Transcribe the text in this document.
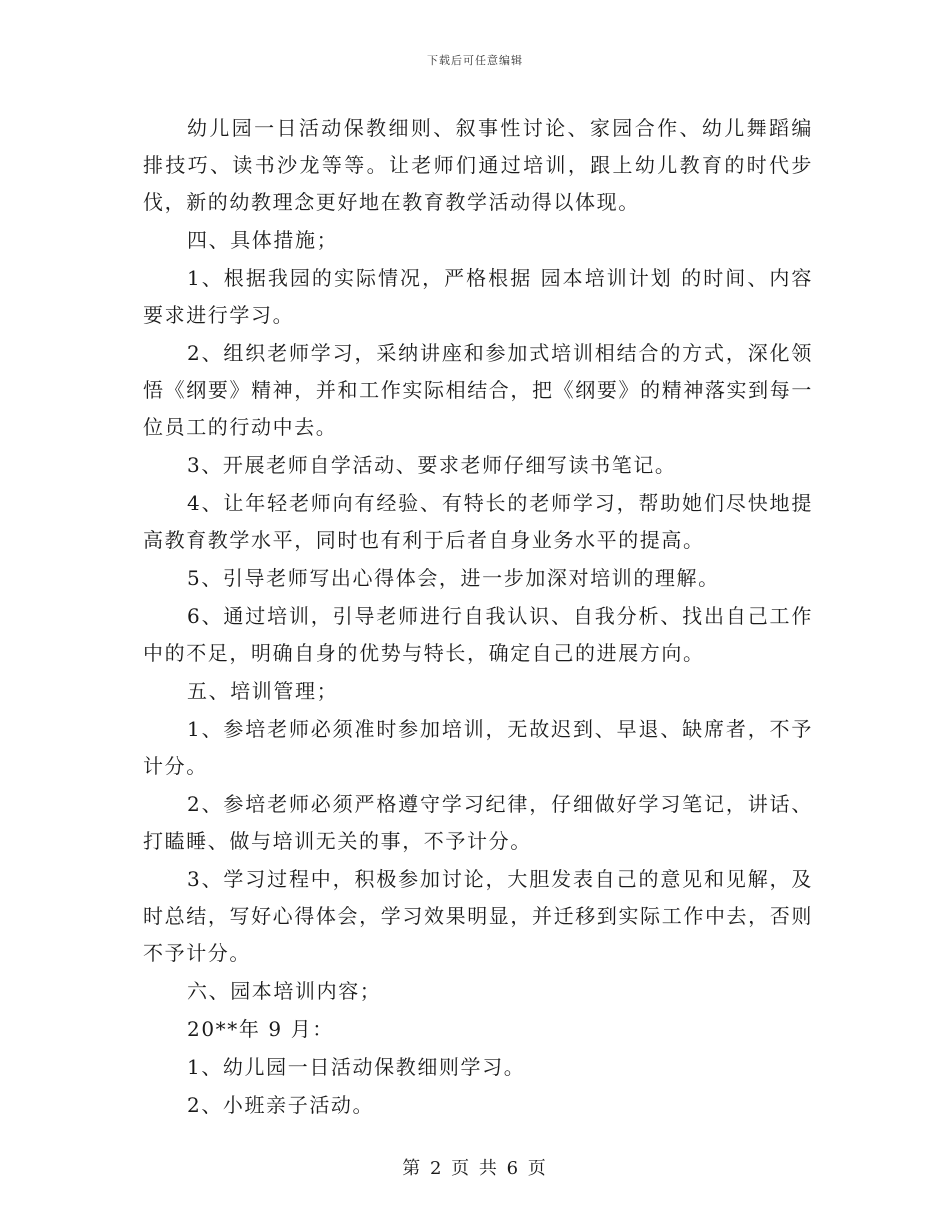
下载后可任意编辑

幼儿园一日活动保教细则、叙事性讨论、家园合作、幼儿舞蹈编排技巧、读书沙龙等等。让老师们通过培训，跟上幼儿教育的时代步伐，新的幼教理念更好地在教育教学活动得以体现。

四、具体措施；

1、根据我园的实际情况，严格根据 园本培训计划 的时间、内容要求进行学习。

2、组织老师学习，采纳讲座和参加式培训相结合的方式，深化领悟《纲要》精神，并和工作实际相结合，把《纲要》的精神落实到每一位员工的行动中去。

3、开展老师自学活动、要求老师仔细写读书笔记。

4、让年轻老师向有经验、有特长的老师学习，帮助她们尽快地提高教育教学水平，同时也有利于后者自身业务水平的提高。

5、引导老师写出心得体会，进一步加深对培训的理解。

6、通过培训，引导老师进行自我认识、自我分析、找出自己工作中的不足，明确自身的优势与特长，确定自己的进展方向。

五、培训管理；

1、参培老师必须准时参加培训，无故迟到、早退、缺席者，不予计分。

2、参培老师必须严格遵守学习纪律，仔细做好学习笔记，讲话、打瞌睡、做与培训无关的事，不予计分。

3、学习过程中，积极参加讨论，大胆发表自己的意见和见解，及时总结，写好心得体会，学习效果明显，并迁移到实际工作中去，否则不予计分。

六、园本培训内容；

20**年 9 月：

1、幼儿园一日活动保教细则学习。

2、小班亲子活动。

第 2 页 共 6 页
